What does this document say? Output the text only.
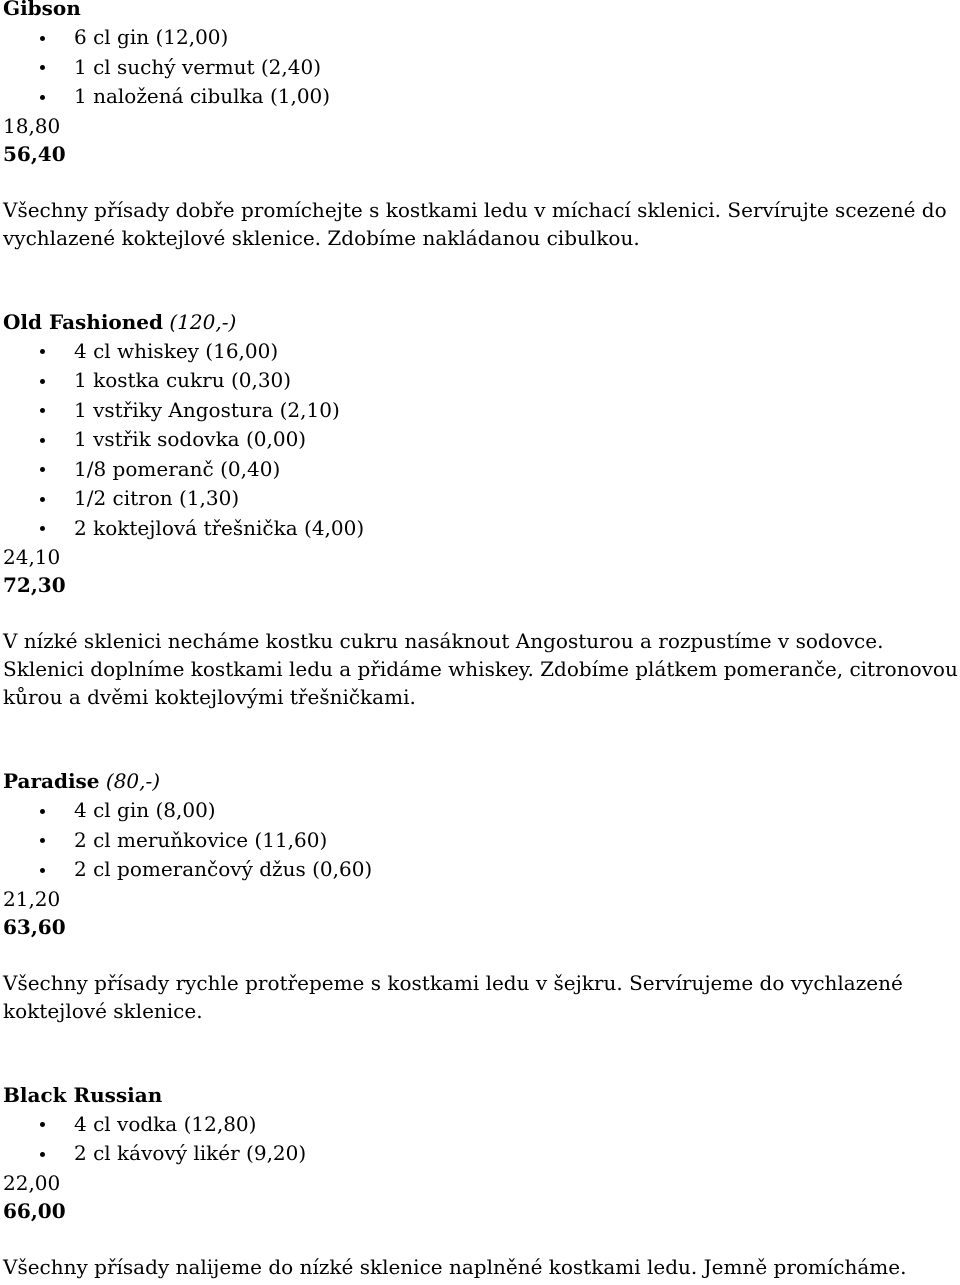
Gibson
6 cl gin (12,00)
1 cl suchý vermut (2,40)
1 naložená cibulka (1,00)
18,80
56,40

Všechny přísady dobře promíchejte s kostkami ledu v míchací sklenici. Servírujte scezené do vychlazené koktejlové sklenice. Zdobíme nakládanou cibulkou.

Old Fashioned (120,-)
4 cl whiskey (16,00)
1 kostka cukru (0,30)
1 vstřiky Angostura (2,10)
1 vstřik sodovka (0,00)
1/8 pomeranč (0,40)
1/2 citron (1,30)
2 koktejlová třešnička (4,00)
24,10
72,30

V nízké sklenici necháme kostku cukru nasáknout Angosturou a rozpustíme v sodovce. Sklenici doplníme kostkami ledu a přidáme whiskey. Zdobíme plátkem pomeranče, citronovou kůrou a dvěmi koktejlovými třešničkami.

Paradise (80,-)
4 cl gin (8,00)
2 cl meruňkovice (11,60)
2 cl pomerančový džus (0,60)
21,20
63,60

Všechny přísady rychle protřepeme s kostkami ledu v šejkru. Servírujeme do vychlazené koktejlové sklenice.

Black Russian
4 cl vodka (12,80)
2 cl kávový likér (9,20)
22,00
66,00

Všechny přísady nalijeme do nízké sklenice naplněné kostkami ledu. Jemně promícháme.
